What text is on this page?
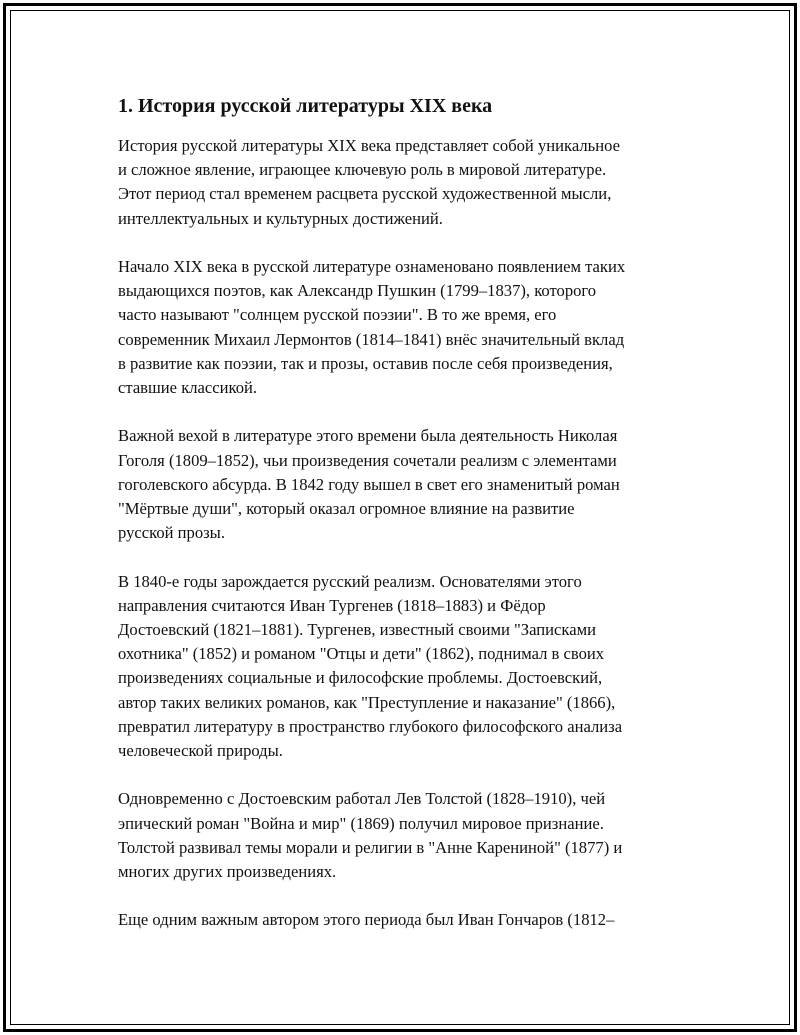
1. История русской литературы XIX века

История русской литературы XIX века представляет собой уникальное
и сложное явление, играющее ключевую роль в мировой литературе.
Этот период стал временем расцвета русской художественной мысли,
интеллектуальных и культурных достижений.

Начало XIX века в русской литературе ознаменовано появлением таких
выдающихся поэтов, как Александр Пушкин (1799–1837), которого
часто называют "солнцем русской поэзии". В то же время, его
современник Михаил Лермонтов (1814–1841) внёс значительный вклад
в развитие как поэзии, так и прозы, оставив после себя произведения,
ставшие классикой.

Важной вехой в литературе этого времени была деятельность Николая
Гоголя (1809–1852), чьи произведения сочетали реализм с элементами
гоголевского абсурда. В 1842 году вышел в свет его знаменитый роман
"Мёртвые души", который оказал огромное влияние на развитие
русской прозы.

В 1840-е годы зарождается русский реализм. Основателями этого
направления считаются Иван Тургенев (1818–1883) и Фёдор
Достоевский (1821–1881). Тургенев, известный своими "Записками
охотника" (1852) и романом "Отцы и дети" (1862), поднимал в своих
произведениях социальные и философские проблемы. Достоевский,
автор таких великих романов, как "Преступление и наказание" (1866),
превратил литературу в пространство глубокого философского анализа
человеческой природы.

Одновременно с Достоевским работал Лев Толстой (1828–1910), чей
эпический роман "Война и мир" (1869) получил мировое признание.
Толстой развивал темы морали и религии в "Анне Карениной" (1877) и
многих других произведениях.

Еще одним важным автором этого периода был Иван Гончаров (1812–
